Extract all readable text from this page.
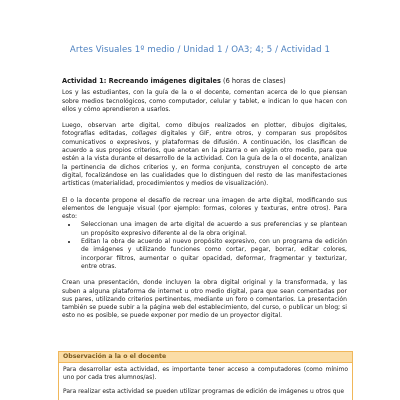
Artes Visuales 1º medio / Unidad 1 / OA3; 4; 5 / Actividad 1
Actividad 1: Recreando imágenes digitales (6 horas de clases)

Los y las estudiantes, con la guía de la o el docente, comentan acerca de lo que piensan sobre medios tecnológicos, como computador, celular y tablet, e indican lo que hacen con ellos y cómo aprendieron a usarlos.

Luego, observan arte digital, como dibujos realizados en plotter, dibujos digitales, fotografías editadas, collages digitales y GIF, entre otros, y comparan sus propósitos comunicativos o expresivos, y plataformas de difusión. A continuación, los clasifican de acuerdo a sus propios criterios, que anotan en la pizarra o en algún otro medio, para que estén a la vista durante el desarrollo de la actividad. Con la guía de la o el docente, analizan la pertinencia de dichos criterios y, en forma conjunta, construyen el concepto de arte digital, focalizándose en las cualidades que lo distinguen del resto de las manifestaciones artísticas (materialidad, procedimientos y medios de visualización).

El o la docente propone el desafío de recrear una imagen de arte digital, modificando sus elementos de lenguaje visual (por ejemplo: formas, colores y texturas, entre otros). Para esto:

• Seleccionan una imagen de arte digital de acuerdo a sus preferencias y se plantean un propósito expresivo diferente al de la obra original.
• Editan la obra de acuerdo al nuevo propósito expresivo, con un programa de edición de imágenes y utilizando funciones como cortar, pegar, borrar, editar colores, incorporar filtros, aumentar o quitar opacidad, deformar, fragmentar y texturizar, entre otras.

Crean una presentación, donde incluyen la obra digital original y la transformada, y las suben a alguna plataforma de internet u otro medio digital, para que sean comentadas por sus pares, utilizando criterios pertinentes, mediante un foro o comentarios. La presentación también se puede subir a la página web del establecimiento, del curso, o publicar un blog; si esto no es posible, se puede exponer por medio de un proyector digital.

Observación a la o el docente

Para desarrollar esta actividad, es importante tener acceso a computadores (como mínimo uno por cada tres alumnos/as).

Para realizar esta actividad se pueden utilizar programas de edición de imágenes u otros que
